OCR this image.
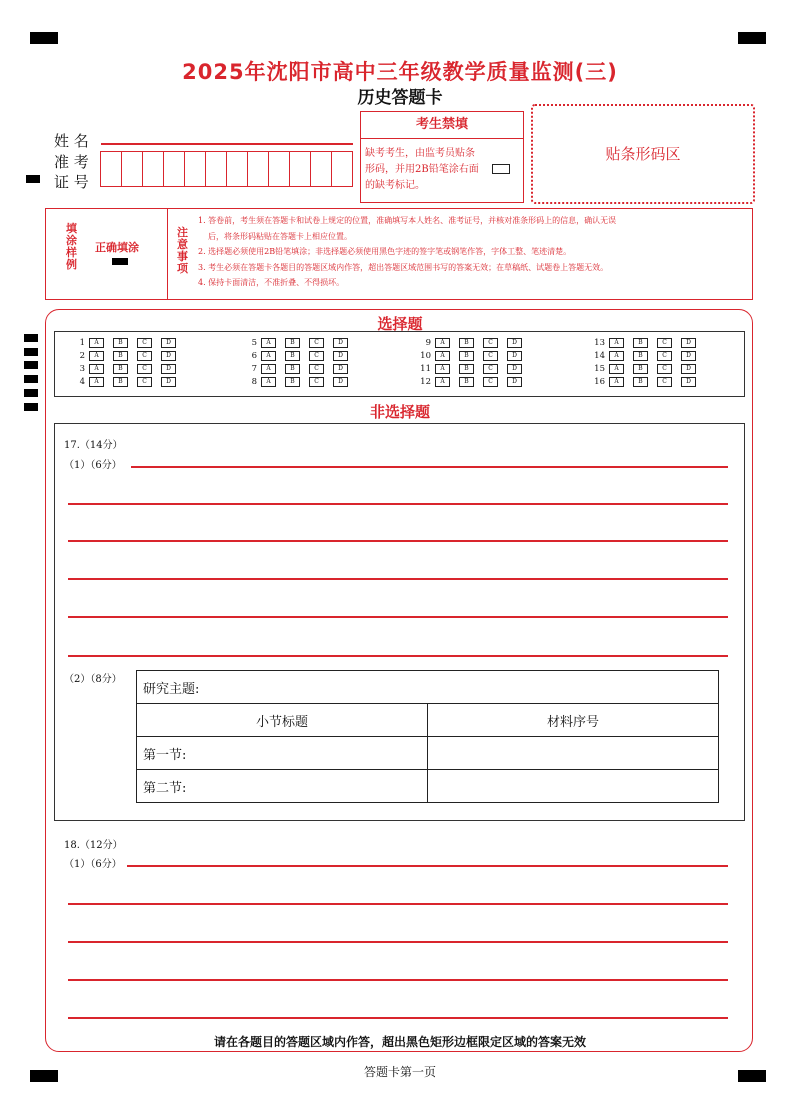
2025年沈阳市高中三年级教学质量监测(三)
历史答题卡
姓 名
准 考
证 号
考生禁填
缺考考生，由监考员贴条形码，并用2B铅笔涂右面的缺考标记。
贴条形码区
填涂样例
正确填涂
注意事项
1. 答卷前，考生须在答题卡和试卷上规定的位置，准确填写本人姓名、准考证号，并核对准条形码上的信息，确认无误
后，将条形码粘贴在答题卡上相应位置。
2. 选择题必须使用2B铅笔填涂；非选择题必须使用黑色字迹的签字笔或钢笔作答，字体工整、笔迹清楚。
3. 考生必须在答题卡各题目的答题区域内作答，超出答题区域范围书写的答案无效；在草稿纸、试题卷上答题无效。
4. 保持卡面清洁，不准折叠、不得损坏。
选择题
1	A	B	C	D
2	A	B	C	D
3	A	B	C	D
4	A	B	C	D
5	A	B	C	D
6	A	B	C	D
7	A	B	C	D
8	A	B	C	D
9	A	B	C	D
10	A	B	C	D
11	A	B	C	D
12	A	B	C	D
13	A	B	C	D
14	A	B	C	D
15	A	B	C	D
16	A	B	C	D
非选择题
17.（14分）
（1）（6分）
（2）（8分）
研究主题:	
小节标题	材料序号
第一节:	
第二节:	
18.（12分）
（1）（6分）
请在各题目的答题区域内作答，超出黑色矩形边框限定区域的答案无效
答题卡第一页
